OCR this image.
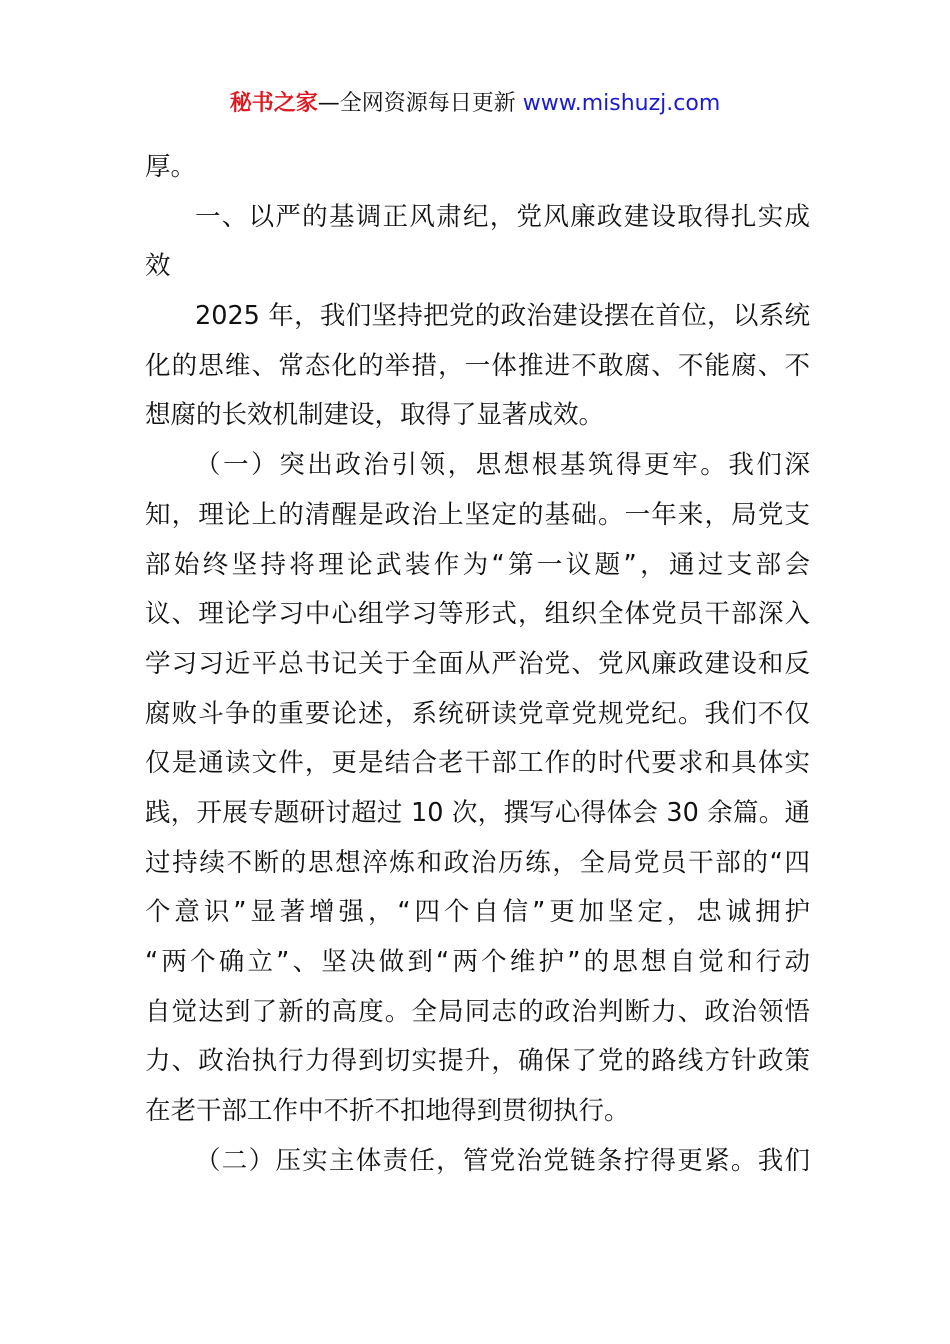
秘书之家—全网资源每日更新 www.mishuzj.com
厚。
一、以严的基调正风肃纪，党风廉政建设取得扎实成
效
2025 年，我们坚持把党的政治建设摆在首位，以系统
化的思维、常态化的举措，一体推进不敢腐、不能腐、不
想腐的长效机制建设，取得了显著成效。
（一）突出政治引领，思想根基筑得更牢。我们深
知，理论上的清醒是政治上坚定的基础。一年来，局党支
部始终坚持将理论武装作为“第一议题”，通过支部会
议、理论学习中心组学习等形式，组织全体党员干部深入
学习习近平总书记关于全面从严治党、党风廉政建设和反
腐败斗争的重要论述，系统研读党章党规党纪。我们不仅
仅是通读文件，更是结合老干部工作的时代要求和具体实
践，开展专题研讨超过 10 次，撰写心得体会 30 余篇。通
过持续不断的思想淬炼和政治历练，全局党员干部的“四
个意识”显著增强，“四个自信”更加坚定，忠诚拥护
“两个确立”、坚决做到“两个维护”的思想自觉和行动
自觉达到了新的高度。全局同志的政治判断力、政治领悟
力、政治执行力得到切实提升，确保了党的路线方针政策
在老干部工作中不折不扣地得到贯彻执行。
（二）压实主体责任，管党治党链条拧得更紧。我们
